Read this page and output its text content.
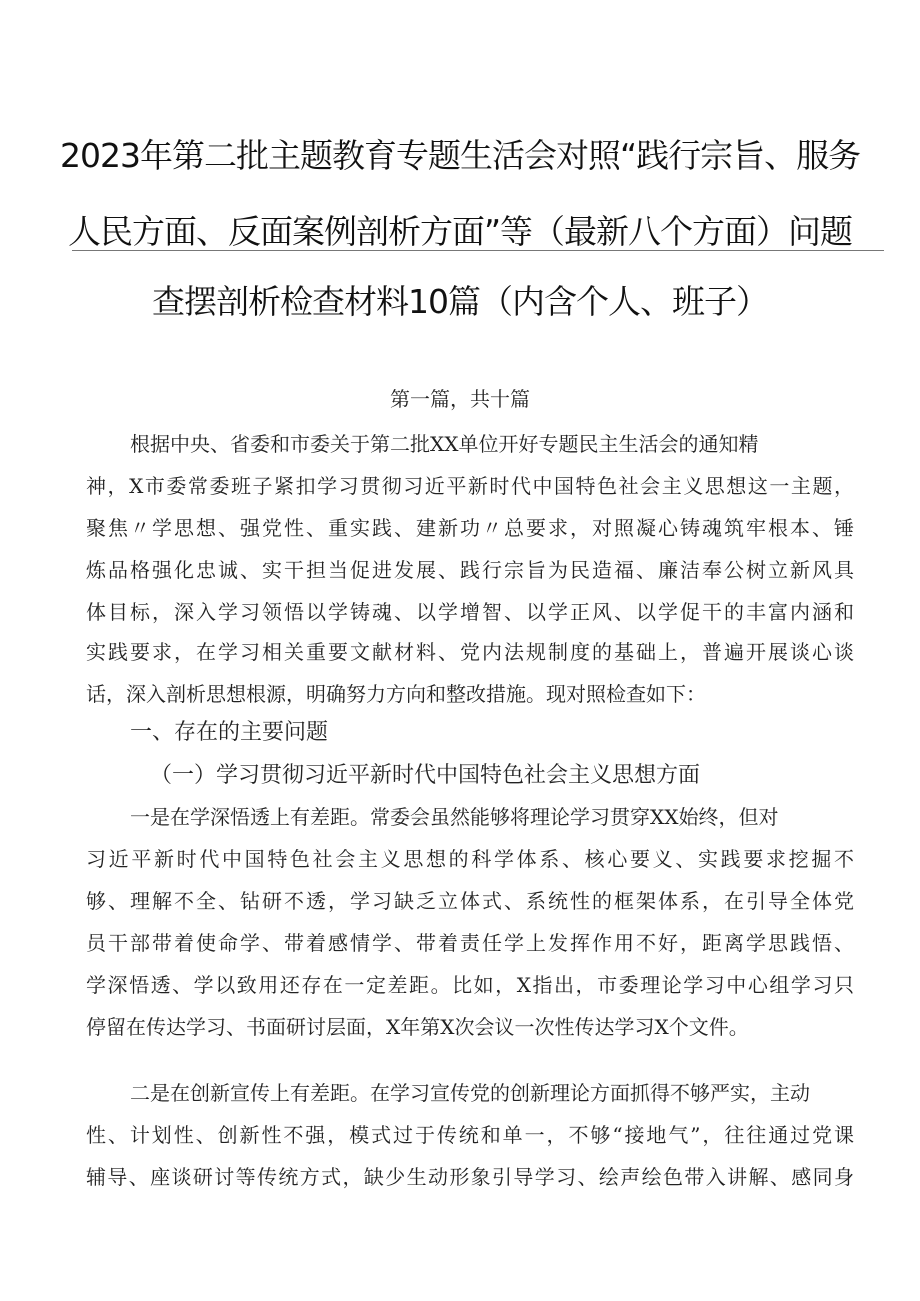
2023年第二批主题教育专题生活会对照“践行宗旨、服务
人民方面、反面案例剖析方面”等（最新八个方面）问题
查摆剖析检查材料10篇（内含个人、班子）
第一篇，共十篇
根据中央、省委和市委关于第二批XX单位开好专题民主生活会的通知精
神，X市委常委班子紧扣学习贯彻习近平新时代中国特色社会主义思想这一主题，
聚焦〃学思想、强党性、重实践、建新功〃总要求，对照凝心铸魂筑牢根本、锤
炼品格强化忠诚、实干担当促进发展、践行宗旨为民造福、廉洁奉公树立新风具
体目标，深入学习领悟以学铸魂、以学增智、以学正风、以学促干的丰富内涵和
实践要求，在学习相关重要文献材料、党内法规制度的基础上，普遍开展谈心谈
话，深入剖析思想根源，明确努力方向和整改措施。现对照检查如下：
一、存在的主要问题
（一）学习贯彻习近平新时代中国特色社会主义思想方面
一是在学深悟透上有差距。常委会虽然能够将理论学习贯穿XX始终，但对
习近平新时代中国特色社会主义思想的科学体系、核心要义、实践要求挖掘不
够、理解不全、钻研不透，学习缺乏立体式、系统性的框架体系，在引导全体党
员干部带着使命学、带着感情学、带着责任学上发挥作用不好，距离学思践悟、
学深悟透、学以致用还存在一定差距。比如，X指出，市委理论学习中心组学习只
停留在传达学习、书面研讨层面，X年第X次会议一次性传达学习X个文件。
二是在创新宣传上有差距。在学习宣传党的创新理论方面抓得不够严实，主动
性、计划性、创新性不强，模式过于传统和单一，不够“接地气”，往往通过党课
辅导、座谈研讨等传统方式，缺少生动形象引导学习、绘声绘色带入讲解、感同身
